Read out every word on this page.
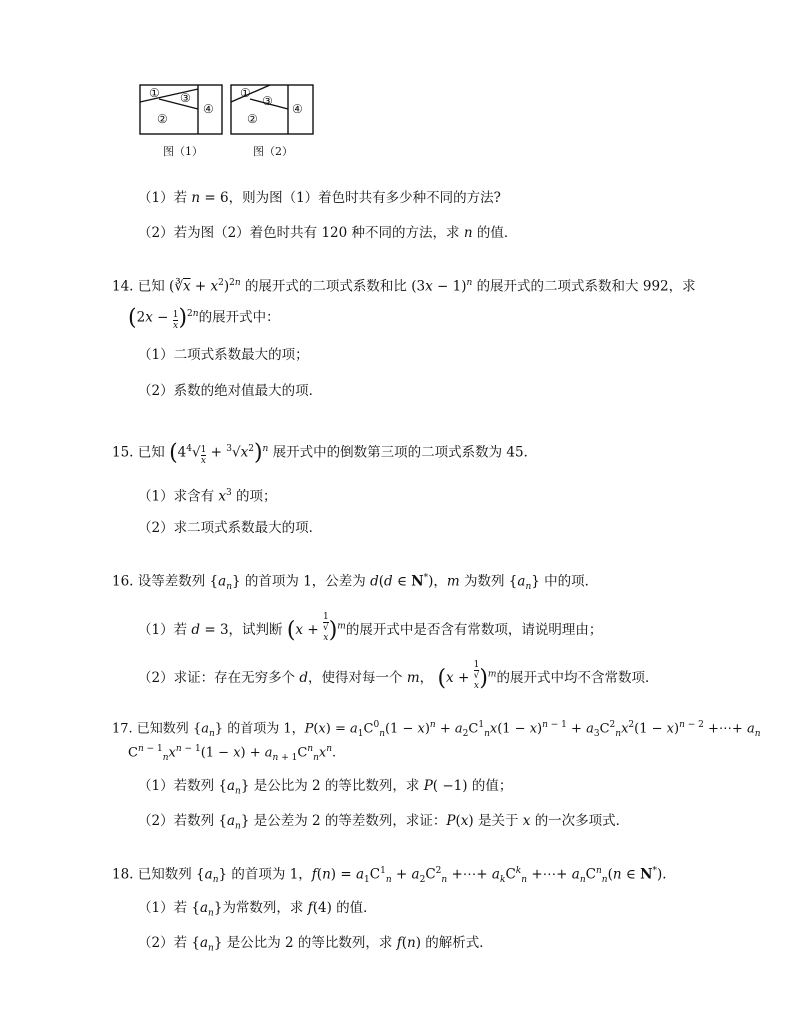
① ③
②
④
①
③
②
④
图（1）	图（2）
（1）若 n = 6，则为图（1）着色时共有多少种不同的方法?
（2）若为图（2）着色时共有 120 种不同的方法，求 n 的值．
14. 已知 $(∛\overline{x} + x^2)^{2n}$ 的展开式的二项式系数和比 $(3x - 1)^n$ 的展开式的二项式系数和大 992，求
$(2x - \frac{1}{x} )^{2n}$的展开式中：
（1）二项式系数最大的项；
（2）系数的绝对值最大的项．
15. 已知 $(4^4√ \frac{1}{x} + ^3√x^2)^n$ 展开式中的倒数第三项的二项式系数为 45．
（1）求含有 $x^3$ 的项；
（2）求二项式系数最大的项．
16. 设等差数列 $\{a_n\}$ 的首项为 1，公差为 d(d ∈ N*)，m 为数列 $\{a_n\}$ 中的项．
（1）若 d = 3，试判断 (x + 1
√
x )$^m$的展开式中是否含有常数项，请说明理由；
（2）求证：存在无穷多个 d，使得对每一个 m， (x + 1
√
x )$^m$的展开式中均不含常数项．
17. 已知数列 $\{a_n\}$ 的首项为 1，$P(x) = a_1C^0_n(1 - x)^n + a_2C^1_nx(1 - x)^{n - 1} + a_3C^2_nx^2(1 - x)^{n - 2}$ +⋯+ $a_n$
$C^{n - 1}_nx^{n - 1}(1 - x) + a_{n + 1}C^n_nx^n$.
（1）若数列 $\{a_n\}$ 是公比为 2 的等比数列，求 P( −1) 的值；
（2）若数列 $\{a_n\}$ 是公差为 2 的等差数列，求证：P(x) 是关于 x 的一次多项式．
18. 已知数列 $\{a_n\}$ 的首项为 1，$f(n) = a_1C^1_n + a_2C^2_n$ +⋯+ $a_kC^k_n$ +⋯+ $a_nC^n_n(n$ ∈ N*).
（1）若 $\{a_n\}$为常数列，求 f(4) 的值．
（2）若 $\{a_n\}$ 是公比为 2 的等比数列，求 f(n) 的解析式．
